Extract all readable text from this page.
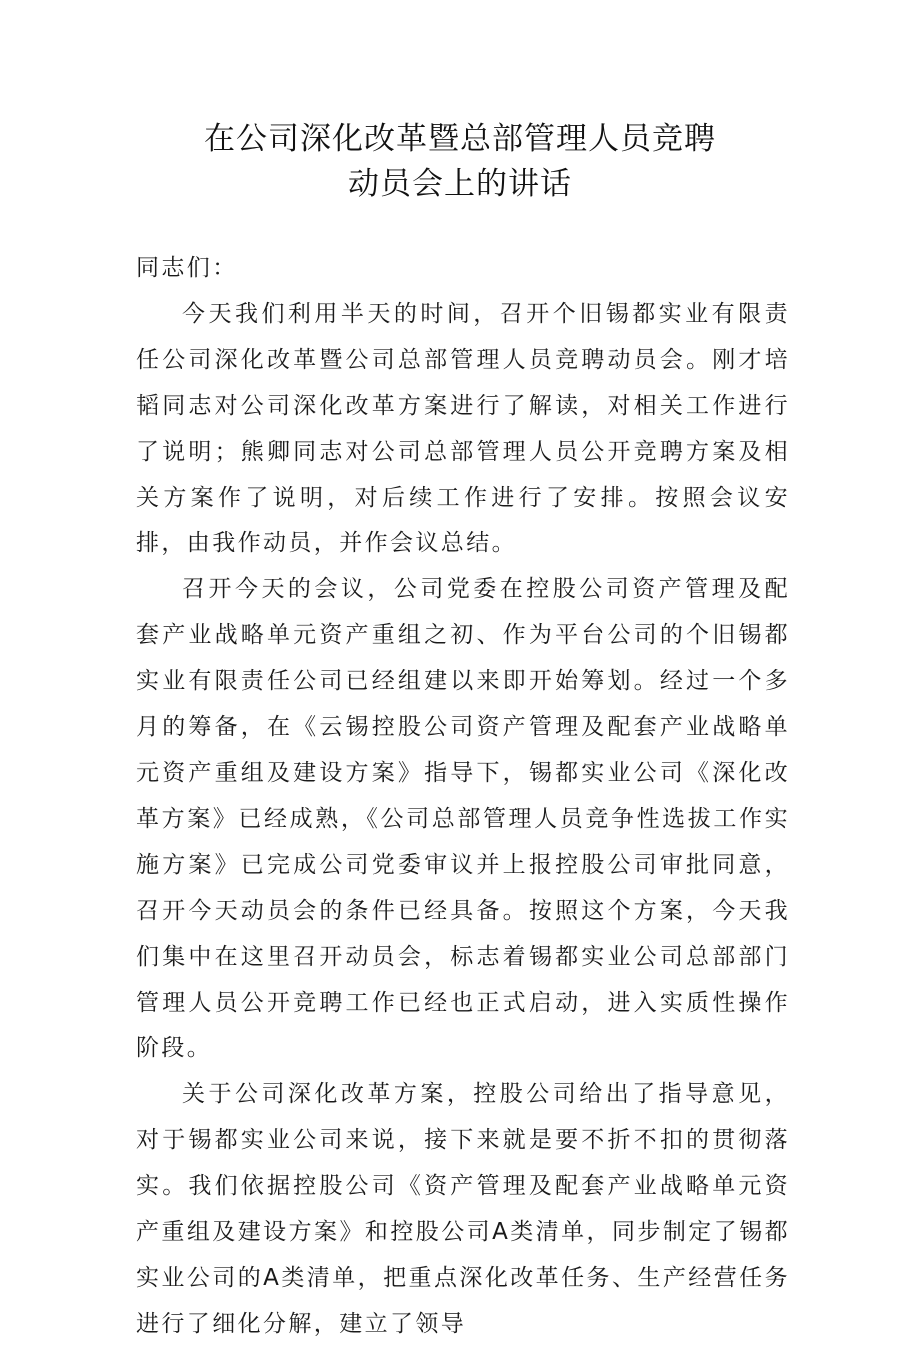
在公司深化改革暨总部管理人员竞聘
动员会上的讲话

同志们：

今天我们利用半天的时间，召开个旧锡都实业有限责任公司深化改革暨公司总部管理人员竞聘动员会。刚才培韬同志对公司深化改革方案进行了解读，对相关工作进行了说明；熊卿同志对公司总部管理人员公开竞聘方案及相关方案作了说明，对后续工作进行了安排。按照会议安排，由我作动员，并作会议总结。

召开今天的会议，公司党委在控股公司资产管理及配套产业战略单元资产重组之初、作为平台公司的个旧锡都实业有限责任公司已经组建以来即开始筹划。经过一个多月的筹备，在《云锡控股公司资产管理及配套产业战略单元资产重组及建设方案》指导下，锡都实业公司《深化改革方案》已经成熟，《公司总部管理人员竞争性选拔工作实施方案》已完成公司党委审议并上报控股公司审批同意，召开今天动员会的条件已经具备。按照这个方案，今天我们集中在这里召开动员会，标志着锡都实业公司总部部门管理人员公开竞聘工作已经也正式启动，进入实质性操作阶段。

关于公司深化改革方案，控股公司给出了指导意见，对于锡都实业公司来说，接下来就是要不折不扣的贯彻落实。我们依据控股公司《资产管理及配套产业战略单元资产重组及建设方案》和控股公司A类清单，同步制定了锡都实业公司的A类清单，把重点深化改革任务、生产经营任务进行了细化分解，建立了领导
